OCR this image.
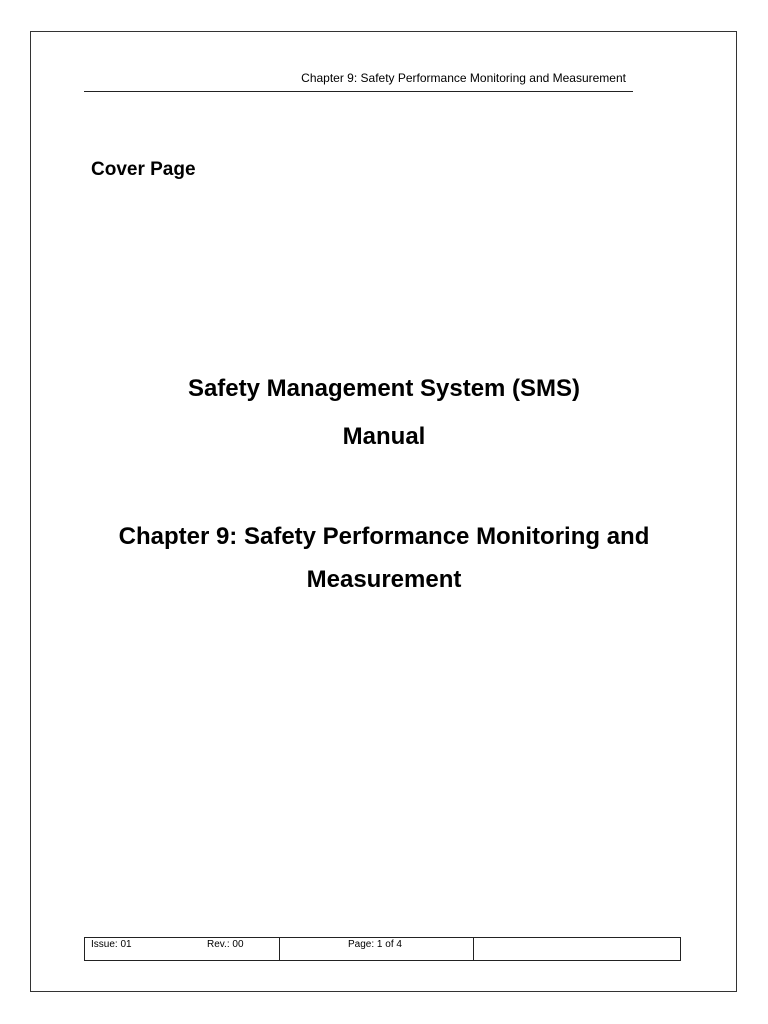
Chapter 9: Safety Performance Monitoring and Measurement
Cover Page
Safety Management System (SMS)
Manual
Chapter 9: Safety Performance Monitoring and
Measurement
Issue: 01	Rev.: 00	Page: 1 of 4	
